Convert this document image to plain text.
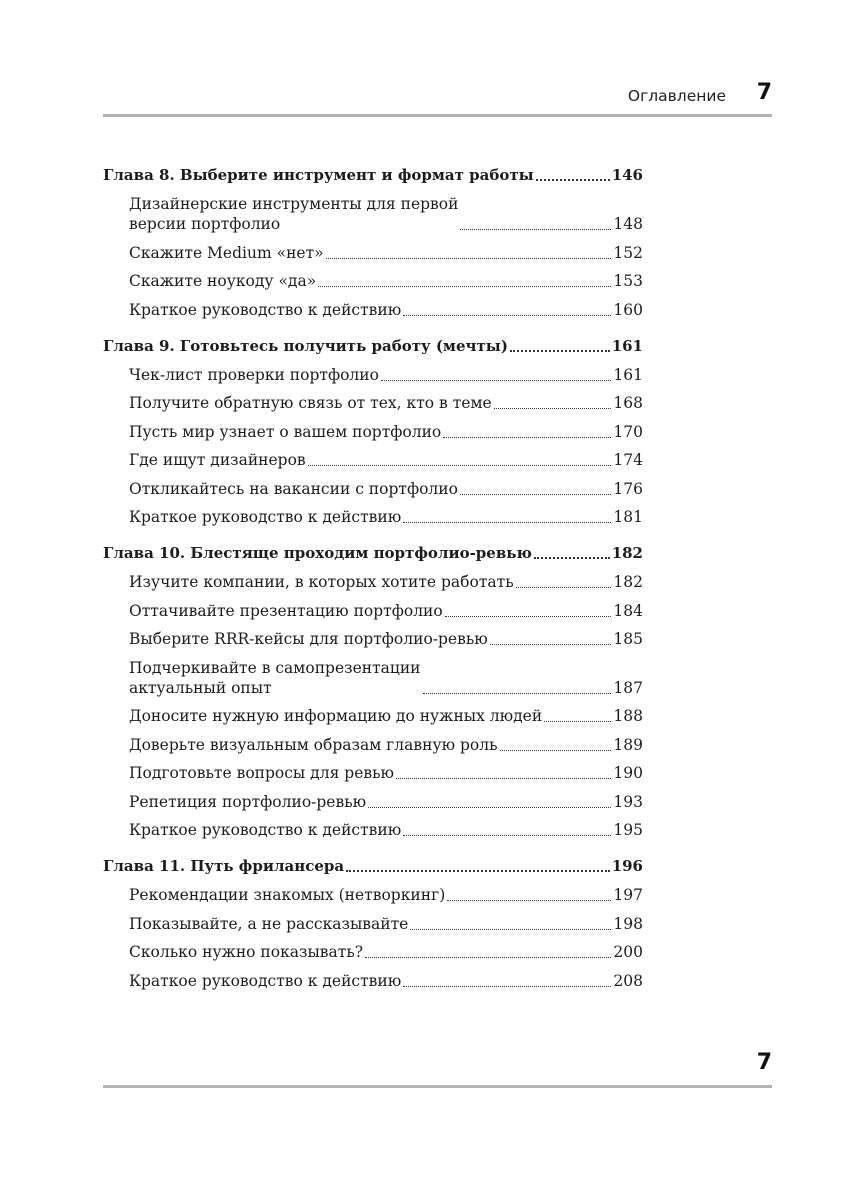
Оглавление 7
Глава 8. Выберите инструмент и формат работы	146
Дизайнерские инструменты для первой
версии портфолио	148
Скажите Medium «нет»	152
Скажите ноукоду «да»	153
Краткое руководство к действию	160
Глава 9. Готовьтесь получить работу (мечты)	161
Чек-лист проверки портфолио	161
Получите обратную связь от тех, кто в теме	168
Пусть мир узнает о вашем портфолио	170
Где ищут дизайнеров	174
Откликайтесь на вакансии с портфолио	176
Краткое руководство к действию	181
Глава 10. Блестяще проходим портфолио-ревью	182
Изучите компании, в которых хотите работать	182
Оттачивайте презентацию портфолио	184
Выберите RRR-кейсы для портфолио-ревью	185
Подчеркивайте в самопрезентации
актуальный опыт	187
Доносите нужную информацию до нужных людей	188
Доверьте визуальным образам главную роль	189
Подготовьте вопросы для ревью	190
Репетиция портфолио-ревью	193
Краткое руководство к действию	195
Глава 11. Путь фрилансера	196
Рекомендации знакомых (нетворкинг)	197
Показывайте, а не рассказывайте	198
Сколько нужно показывать?	200
Краткое руководство к действию	208
7
